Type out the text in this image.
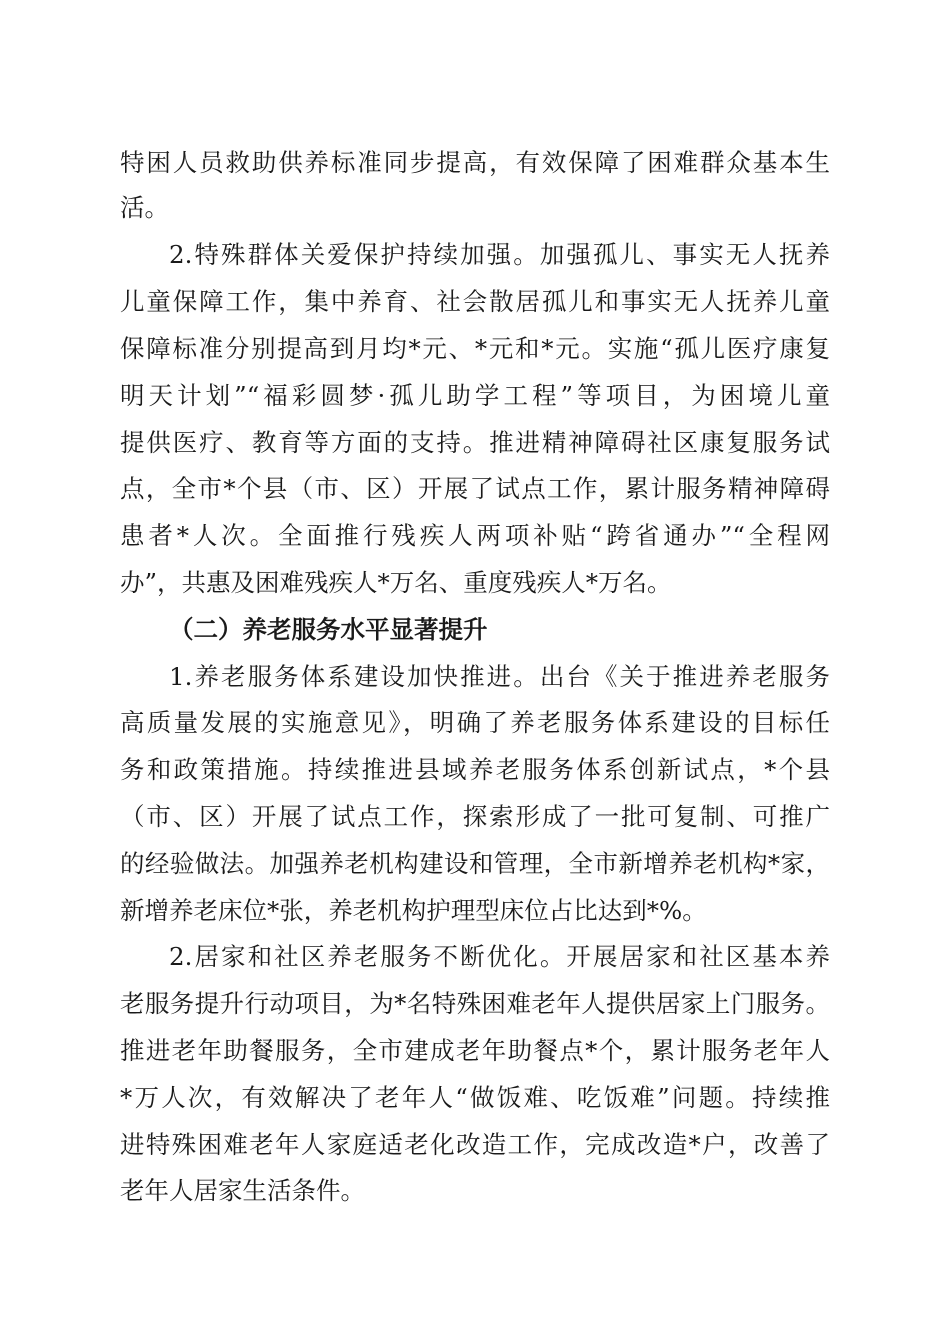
特困人员救助供养标准同步提高，有效保障了困难群众基本生
活。
2.特殊群体关爱保护持续加强。加强孤儿、事实无人抚养
儿童保障工作，集中养育、社会散居孤儿和事实无人抚养儿童
保障标准分别提高到月均*元、*元和*元。实施“孤儿医疗康复
明天计划”“福彩圆梦·孤儿助学工程”等项目，为困境儿童
提供医疗、教育等方面的支持。推进精神障碍社区康复服务试
点，全市*个县（市、区）开展了试点工作，累计服务精神障碍
患者*人次。全面推行残疾人两项补贴“跨省通办”“全程网
办”，共惠及困难残疾人*万名、重度残疾人*万名。
（二）养老服务水平显著提升
1.养老服务体系建设加快推进。出台《关于推进养老服务
高质量发展的实施意见》，明确了养老服务体系建设的目标任
务和政策措施。持续推进县域养老服务体系创新试点，*个县
（市、区）开展了试点工作，探索形成了一批可复制、可推广
的经验做法。加强养老机构建设和管理，全市新增养老机构*家，
新增养老床位*张，养老机构护理型床位占比达到*%。
2.居家和社区养老服务不断优化。开展居家和社区基本养
老服务提升行动项目，为*名特殊困难老年人提供居家上门服务。
推进老年助餐服务，全市建成老年助餐点*个，累计服务老年人
*万人次，有效解决了老年人“做饭难、吃饭难”问题。持续推
进特殊困难老年人家庭适老化改造工作，完成改造*户，改善了
老年人居家生活条件。
